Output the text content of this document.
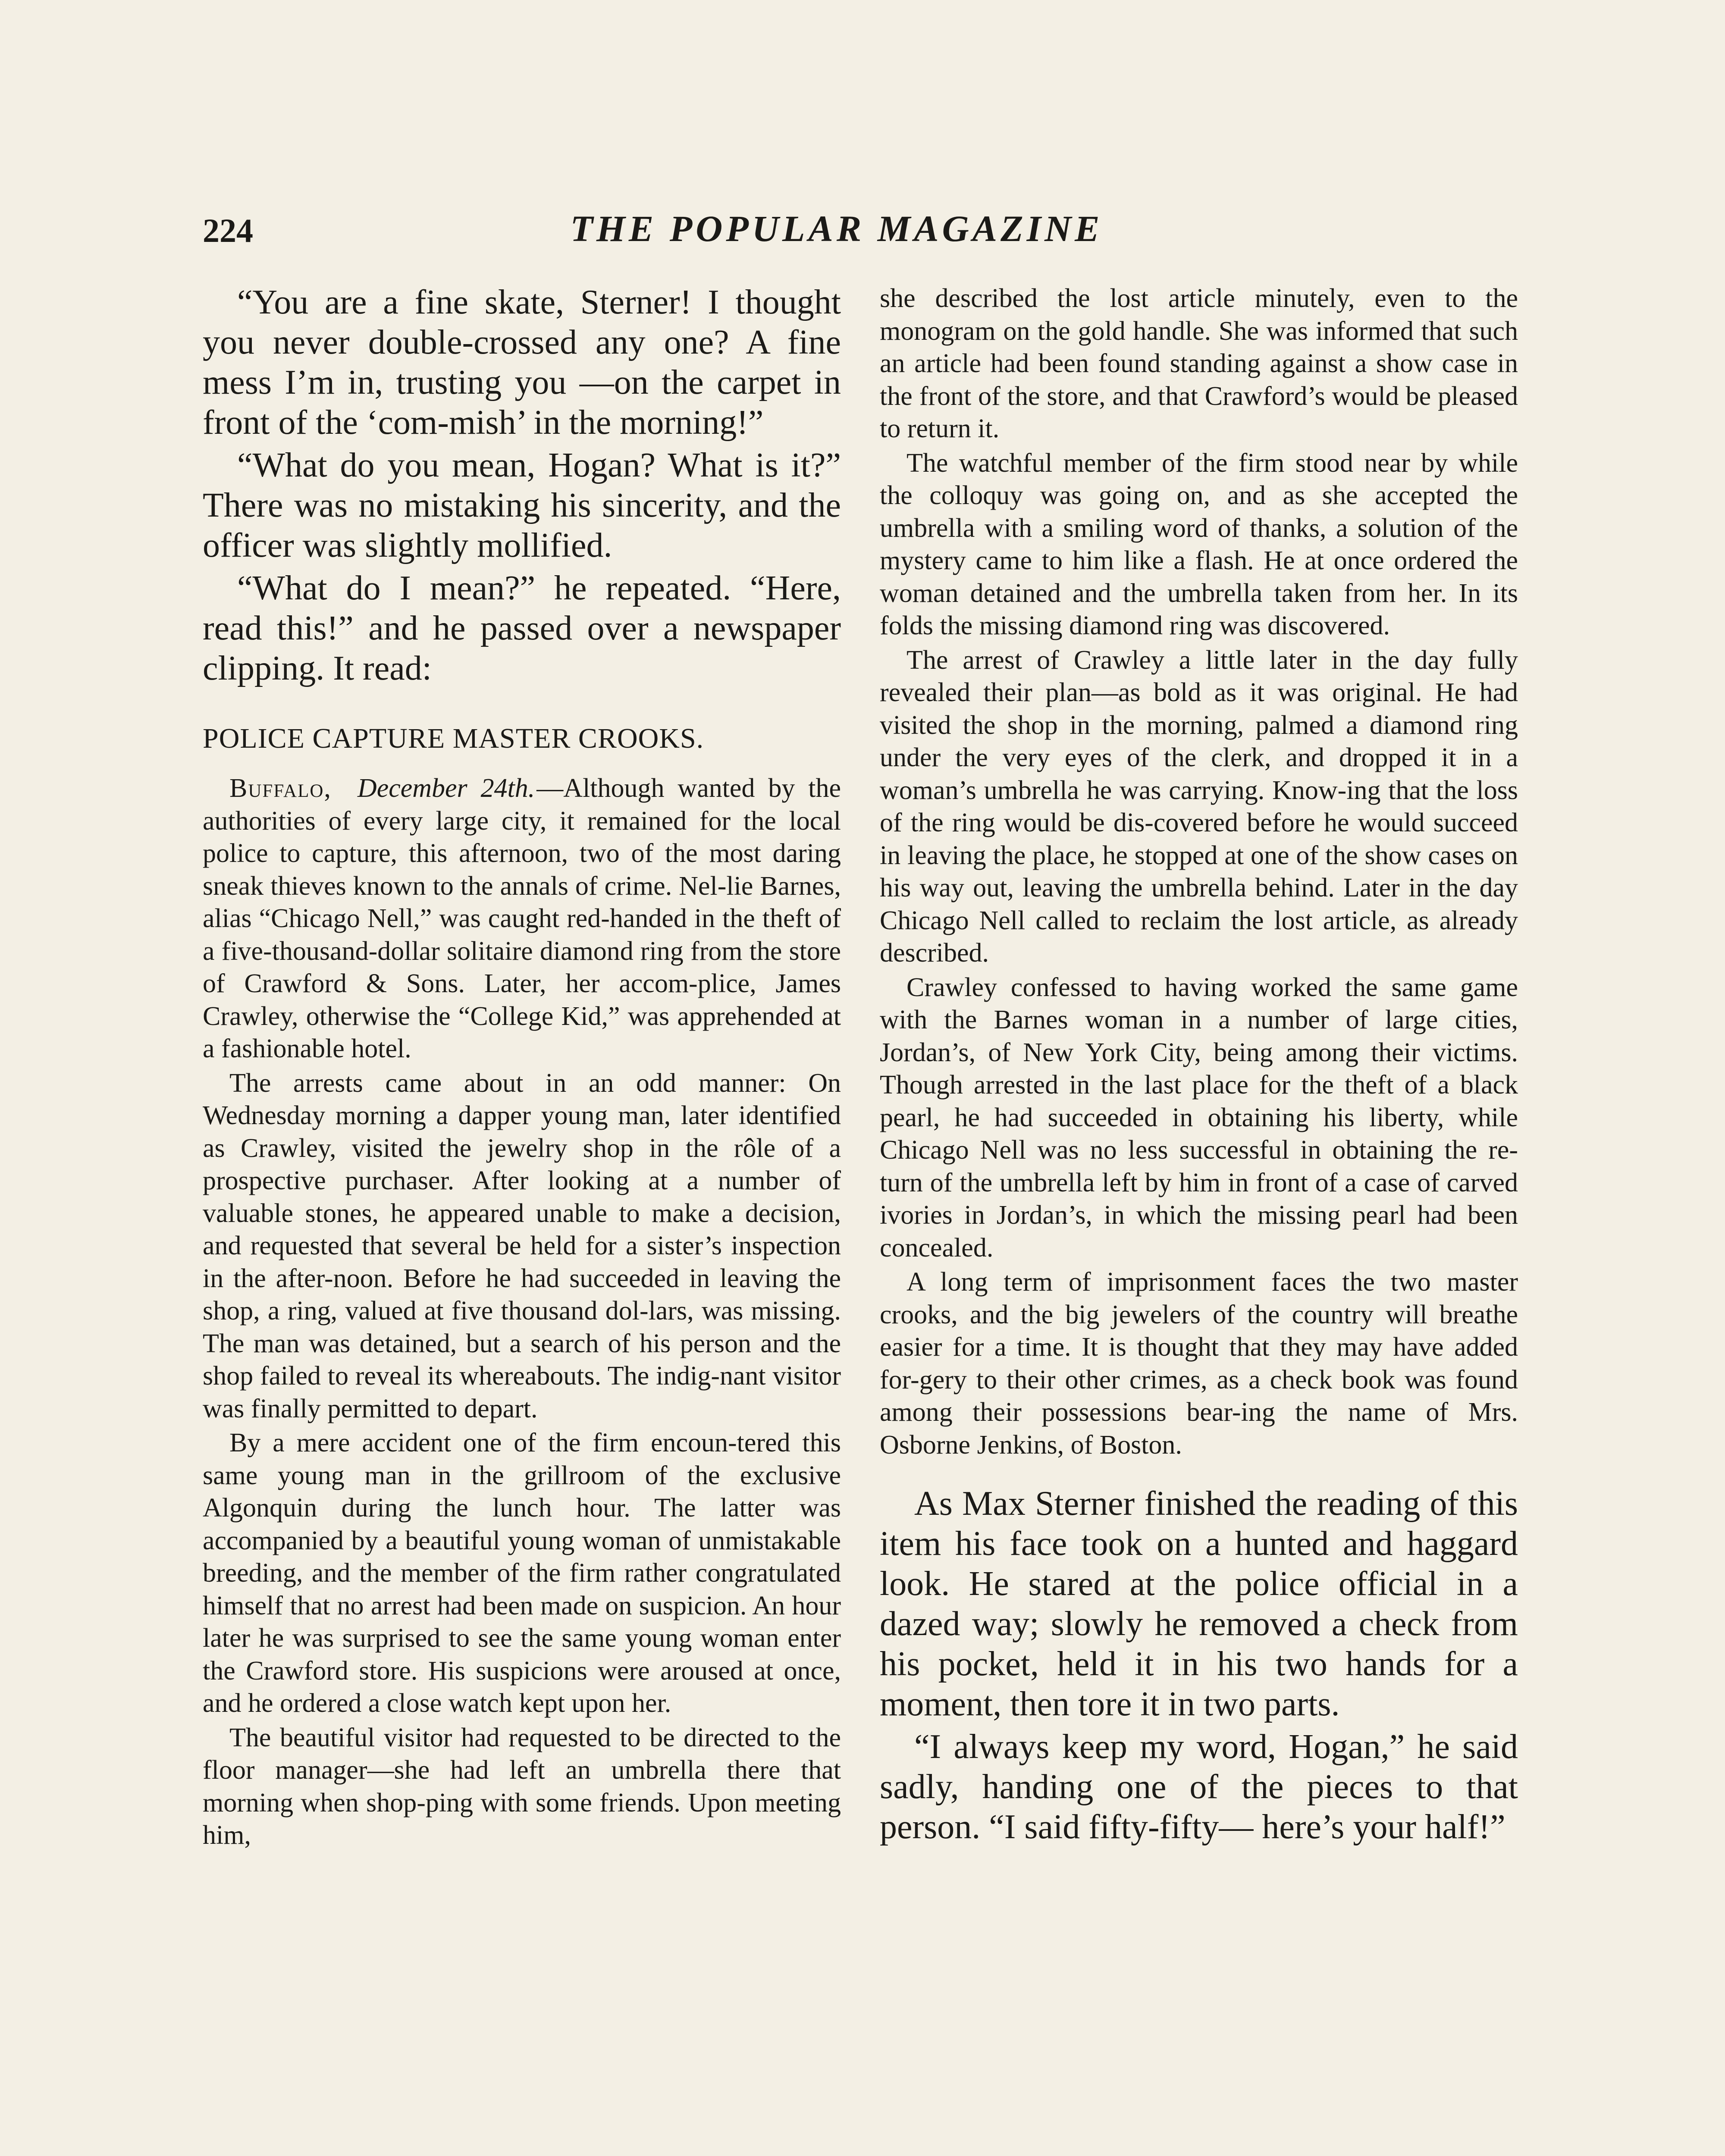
224	THE POPULAR MAGAZINE

“You are a fine skate, Sterner! I thought you never double-crossed any one? A fine mess I’m in, trusting you —on the carpet in front of the ‘com-mish’ in the morning!”

“What do you mean, Hogan? What is it?” There was no mistaking his sincerity, and the officer was slightly mollified.

“What do I mean?” he repeated. “Here, read this!” and he passed over a newspaper clipping. It read:

POLICE CAPTURE MASTER CROOKS.

Buffalo, December 24th.—Although wanted by the authorities of every large city, it remained for the local police to capture, this afternoon, two of the most daring sneak thieves known to the annals of crime. Nel-lie Barnes, alias “Chicago Nell,” was caught red-handed in the theft of a five-thousand-dollar solitaire diamond ring from the store of Crawford & Sons. Later, her accom-plice, James Crawley, otherwise the “College Kid,” was apprehended at a fashionable hotel.

The arrests came about in an odd manner: On Wednesday morning a dapper young man, later identified as Crawley, visited the jewelry shop in the rôle of a prospective purchaser. After looking at a number of valuable stones, he appeared unable to make a decision, and requested that several be held for a sister’s inspection in the after-noon. Before he had succeeded in leaving the shop, a ring, valued at five thousand dol-lars, was missing. The man was detained, but a search of his person and the shop failed to reveal its whereabouts. The indig-nant visitor was finally permitted to depart.

By a mere accident one of the firm encoun-tered this same young man in the grillroom of the exclusive Algonquin during the lunch hour. The latter was accompanied by a beautiful young woman of unmistakable breeding, and the member of the firm rather congratulated himself that no arrest had been made on suspicion. An hour later he was surprised to see the same young woman enter the Crawford store. His suspicions were aroused at once, and he ordered a close watch kept upon her.

The beautiful visitor had requested to be directed to the floor manager—she had left an umbrella there that morning when shop-ping with some friends. Upon meeting him,

she described the lost article minutely, even to the monogram on the gold handle. She was informed that such an article had been found standing against a show case in the front of the store, and that Crawford’s would be pleased to return it.

The watchful member of the firm stood near by while the colloquy was going on, and as she accepted the umbrella with a smiling word of thanks, a solution of the mystery came to him like a flash. He at once ordered the woman detained and the umbrella taken from her. In its folds the missing diamond ring was discovered.

The arrest of Crawley a little later in the day fully revealed their plan—as bold as it was original. He had visited the shop in the morning, palmed a diamond ring under the very eyes of the clerk, and dropped it in a woman’s umbrella he was carrying. Know-ing that the loss of the ring would be dis-covered before he would succeed in leaving the place, he stopped at one of the show cases on his way out, leaving the umbrella behind. Later in the day Chicago Nell called to reclaim the lost article, as already described.

Crawley confessed to having worked the same game with the Barnes woman in a number of large cities, Jordan’s, of New York City, being among their victims. Though arrested in the last place for the theft of a black pearl, he had succeeded in obtaining his liberty, while Chicago Nell was no less successful in obtaining the re-turn of the umbrella left by him in front of a case of carved ivories in Jordan’s, in which the missing pearl had been concealed.

A long term of imprisonment faces the two master crooks, and the big jewelers of the country will breathe easier for a time. It is thought that they may have added for-gery to their other crimes, as a check book was found among their possessions bear-ing the name of Mrs. Osborne Jenkins, of Boston.

As Max Sterner finished the reading of this item his face took on a hunted and haggard look. He stared at the police official in a dazed way; slowly he removed a check from his pocket, held it in his two hands for a moment, then tore it in two parts.

“I always keep my word, Hogan,” he said sadly, handing one of the pieces to that person. “I said fifty-fifty— here’s your half!”
